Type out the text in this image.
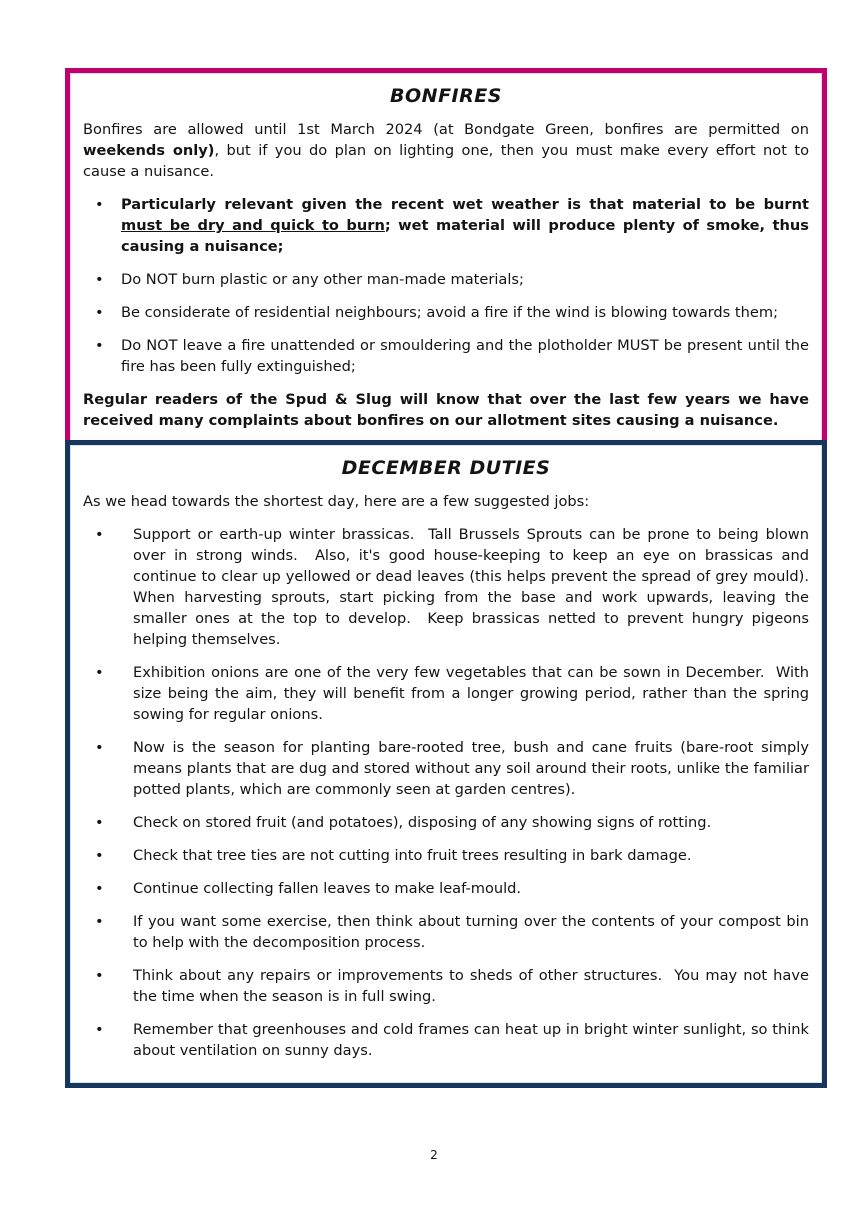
BONFIRES

Bonfires are allowed until 1st March 2024 (at Bondgate Green, bonfires are permitted on weekends only), but if you do plan on lighting one, then you must make every effort not to cause a nuisance.

• Particularly relevant given the recent wet weather is that material to be burnt must be dry and quick to burn; wet material will produce plenty of smoke, thus causing a nuisance;
• Do NOT burn plastic or any other man-made materials;
• Be considerate of residential neighbours; avoid a fire if the wind is blowing towards them;
• Do NOT leave a fire unattended or smouldering and the plotholder MUST be present until the fire has been fully extinguished;

Regular readers of the Spud & Slug will know that over the last few years we have received many complaints about bonfires on our allotment sites causing a nuisance.

DECEMBER DUTIES

As we head towards the shortest day, here are a few suggested jobs:

• Support or earth-up winter brassicas.  Tall Brussels Sprouts can be prone to being blown over in strong winds.  Also, it's good house-keeping to keep an eye on brassicas and continue to clear up yellowed or dead leaves (this helps prevent the spread of grey mould).  When harvesting sprouts, start picking from the base and work upwards, leaving the smaller ones at the top to develop.  Keep brassicas netted to prevent hungry pigeons helping themselves.
• Exhibition onions are one of the very few vegetables that can be sown in December.  With size being the aim, they will benefit from a longer growing period, rather than the spring sowing for regular onions.
• Now is the season for planting bare-rooted tree, bush and cane fruits (bare-root simply means plants that are dug and stored without any soil around their roots, unlike the familiar potted plants, which are commonly seen at garden centres).
• Check on stored fruit (and potatoes), disposing of any showing signs of rotting.
• Check that tree ties are not cutting into fruit trees resulting in bark damage.
• Continue collecting fallen leaves to make leaf-mould.
• If you want some exercise, then think about turning over the contents of your compost bin to help with the decomposition process.
• Think about any repairs or improvements to sheds of other structures.  You may not have the time when the season is in full swing.
• Remember that greenhouses and cold frames can heat up in bright winter sunlight, so think about ventilation on sunny days.
2
